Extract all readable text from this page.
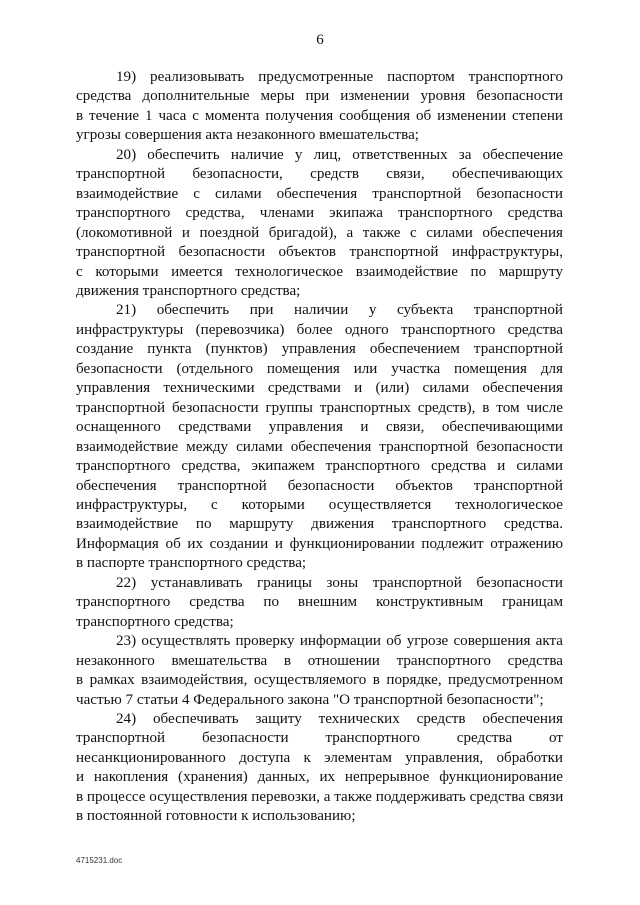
6

19) реализовывать предусмотренные паспортом транспортного
средства дополнительные меры при изменении уровня безопасности
в течение 1 часа с момента получения сообщения об изменении степени
угрозы совершения акта незаконного вмешательства;

20) обеспечить наличие у лиц, ответственных за обеспечение
транспортной безопасности, средств связи, обеспечивающих
взаимодействие с силами обеспечения транспортной безопасности
транспортного средства, членами экипажа транспортного средства
(локомотивной и поездной бригадой), а также с силами обеспечения
транспортной безопасности объектов транспортной инфраструктуры,
с которыми имеется технологическое взаимодействие по маршруту
движения транспортного средства;

21) обеспечить при наличии у субъекта транспортной
инфраструктуры (перевозчика) более одного транспортного средства
создание пункта (пунктов) управления обеспечением транспортной
безопасности (отдельного помещения или участка помещения для
управления техническими средствами и (или) силами обеспечения
транспортной безопасности группы транспортных средств), в том числе
оснащенного средствами управления и связи, обеспечивающими
взаимодействие между силами обеспечения транспортной безопасности
транспортного средства, экипажем транспортного средства и силами
обеспечения транспортной безопасности объектов транспортной
инфраструктуры, с которыми осуществляется технологическое
взаимодействие по маршруту движения транспортного средства.
Информация об их создании и функционировании подлежит отражению
в паспорте транспортного средства;

22) устанавливать границы зоны транспортной безопасности
транспортного средства по внешним конструктивным границам
транспортного средства;

23) осуществлять проверку информации об угрозе совершения акта
незаконного вмешательства в отношении транспортного средства
в рамках взаимодействия, осуществляемого в порядке, предусмотренном
частью 7 статьи 4 Федерального закона "О транспортной безопасности";

24) обеспечивать защиту технических средств обеспечения
транспортной безопасности транспортного средства от
несанкционированного доступа к элементам управления, обработки
и накопления (хранения) данных, их непрерывное функционирование
в процессе осуществления перевозки, а также поддерживать средства связи
в постоянной готовности к использованию;

4715231.doc
